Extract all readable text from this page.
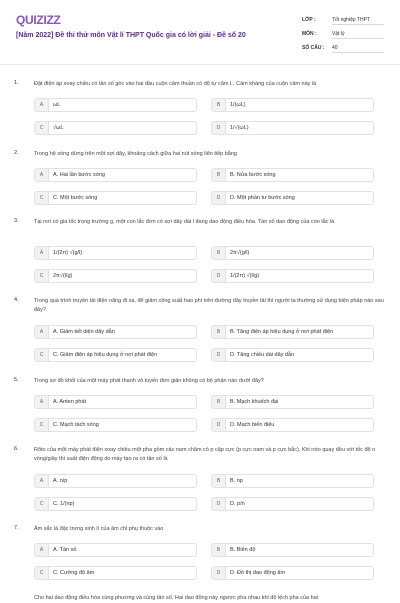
QUIZIZZ
[Năm 2022] Đề thi thử môn Vật lí THPT Quốc gia có lời giải - Đề số 20
LỚP :	Tốt nghiệp THPT
MÔN :	Vật lý
SỐ CÂU : 40
1.	Đặt điện áp xoay chiều có tần số góc vào hai đầu cuộn cảm thuần có độ tự cảm L. Cảm kháng của cuộn cảm này là
A	ωL	B	1/(ωL)
C	√ωL	D	1/√(ωL)
2.	Trong hệ sóng dừng trên một sợi dây, khoảng cách giữa hai nút sóng liên tiếp bằng
A	A. Hai lần bước sóng	B	B. Nửa bước sóng
C	C. Một bước sóng	D	D. Một phần tư bước sóng
3.	Tại nơi có gia tốc trọng trường g, một con lắc đơn có sợi dây dài l đang dao động điều hòa. Tần số dao động của con lắc là
A	1/(2π) √(g/l)	B	2π√(g/l)
C	2π√(l/g)	D	1/(2π) √(l/g)
4.	Trong quá trình truyền tải điện năng đi xa, để giảm công suất hao phí trên đường dây truyền tải thì người ta thường sử dụng biện pháp nào sau đây?
A	A. Giảm tiết diện dây dẫn	B	B. Tăng điện áp hiệu dụng ở nơi phát điện
C	C. Giảm điện áp hiệu dụng ở nơi phát điện	D	D. Tăng chiều dài dây dẫn
5.	Trong sơ đồ khối của một máy phát thanh vô tuyến đơn giản không có bộ phận nào dưới đây?
A	A. Anten phát	B	B. Mạch khuếch đại
C	C. Mạch tách sóng	D	D. Mạch biến điệu
6.	Rôto của một máy phát điện xoay chiều một pha gồm các nam châm có p cặp cực (p cực nam và p cực bắc). Khi roto quay đều với tốc độ n vòng/giây thì suất điện động do máy tạo ra có tần số là
A	A. n/p	B	B. np
C	C. 1/(np)	D	D. p/n
7.	Âm sắc là đặc trưng sinh lí của âm chỉ phụ thuộc vào
A	A. Tần số	B	B. Biên độ
C	C. Cường độ âm	D	D. Đồ thị dao động âm
Cho hai dao động điều hòa cùng phương và cùng tần số. Hai dao động này ngược pha nhau khi độ lệch pha của hai
